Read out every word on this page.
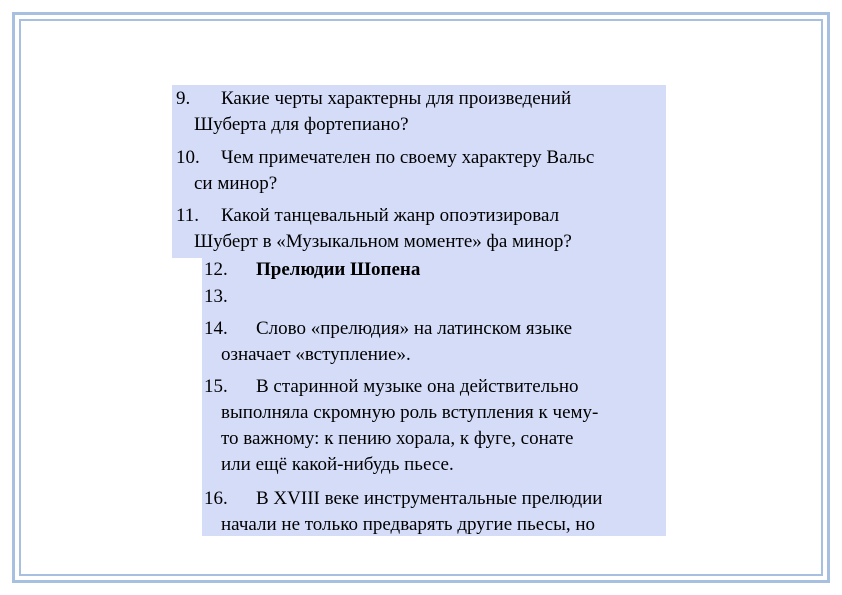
9.	Какие черты характерны для произведений
Шуберта для фортепиано?
10.	Чем примечателен по своему характеру Вальс
си минор?
11.	Какой танцевальный жанр опоэтизировал
Шуберт в «Музыкальном моменте» фа минор?
12.	Прелюдии Шопена
13.
14.	Слово «прелюдия» на латинском языке
означает «вступление».
15.	В старинной музыке она действительно
выполняла скромную роль вступления к чему-
то важному: к пению хорала, к фуге, сонате
или ещё какой-нибудь пьесе.
16.	В XVIII веке инструментальные прелюдии
начали не только предварять другие пьесы, но
